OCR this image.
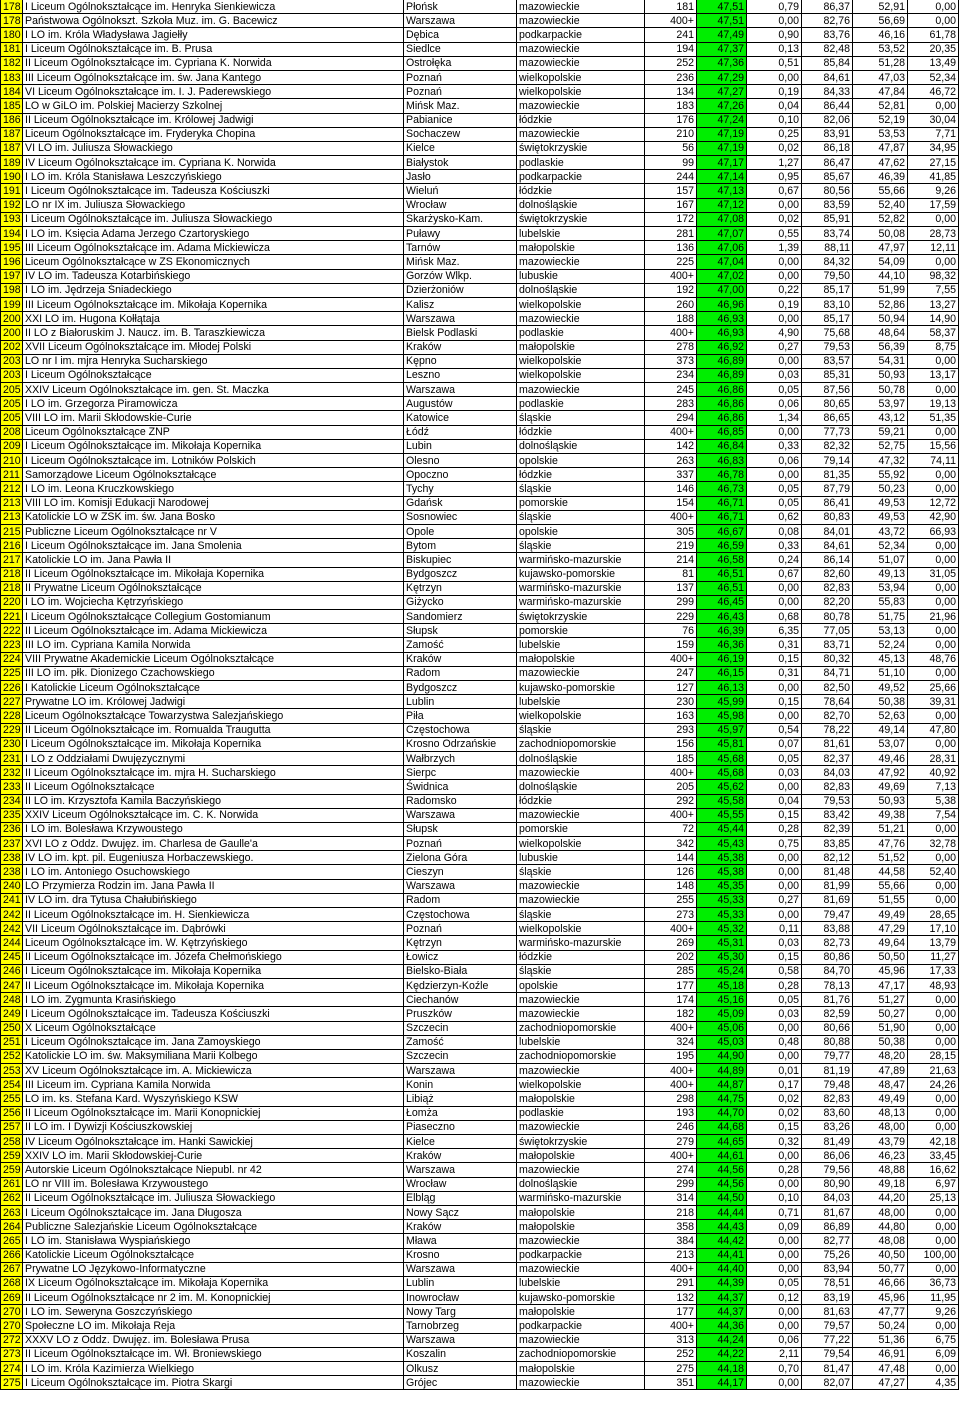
178	I Liceum Ogólnokształcące im. Henryka Sienkiewicza	Płońsk	mazowieckie	181	47,51	0,79	86,37	52,91	0,00
178	Państwowa Ogólnokszt. Szkoła Muz. im. G. Bacewicz	Warszawa	mazowieckie	400+	47,51	0,00	82,76	56,69	0,00
180	I LO im. Króla Władysława Jagiełły	Dębica	podkarpackie	241	47,49	0,90	83,76	46,16	61,78
181	I Liceum Ogólnokształcące im. B. Prusa	Siedlce	mazowieckie	194	47,37	0,13	82,48	53,52	20,35
182	II Liceum Ogólnokształcące im. Cypriana K. Norwida	Ostrołęka	mazowieckie	252	47,36	0,51	85,84	51,28	13,49
183	III Liceum Ogólnokształcące im. św. Jana Kantego	Poznań	wielkopolskie	236	47,29	0,00	84,61	47,03	52,34
184	VI Liceum Ogólnokształcące im. I. J. Paderewskiego	Poznań	wielkopolskie	134	47,27	0,19	84,33	47,84	46,72
185	LO w GiLO im. Polskiej Macierzy Szkolnej	Mińsk Maz.	mazowieckie	183	47,26	0,04	86,44	52,81	0,00
186	II Liceum Ogólnokształcące im. Królowej Jadwigi	Pabianice	łódzkie	176	47,24	0,10	82,06	52,19	30,04
187	Liceum Ogólnokształcące im. Fryderyka Chopina	Sochaczew	mazowieckie	210	47,19	0,25	83,91	53,53	7,71
187	VI LO im. Juliusza Słowackiego	Kielce	świętokrzyskie	56	47,19	0,02	86,18	47,87	34,95
189	IV Liceum Ogólnokształcące im. Cypriana K. Norwida	Białystok	podlaskie	99	47,17	1,27	86,47	47,62	27,15
190	I LO im. Króla Stanisława Leszczyńskiego	Jasło	podkarpackie	244	47,14	0,95	85,67	46,39	41,85
191	I Liceum Ogólnokształcące im. Tadeusza Kościuszki	Wieluń	łódzkie	157	47,13	0,67	80,56	55,66	9,26
192	LO nr IX im. Juliusza Słowackiego	Wrocław	dolnośląskie	167	47,12	0,00	83,59	52,40	17,59
193	I Liceum Ogólnokształcące im. Juliusza Słowackiego	Skarżysko-Kam.	świętokrzyskie	172	47,08	0,02	85,91	52,82	0,00
194	I LO im. Księcia Adama Jerzego Czartoryskiego	Puławy	lubelskie	281	47,07	0,55	83,74	50,08	28,73
195	III Liceum Ogólnokształcące im. Adama Mickiewicza	Tarnów	małopolskie	136	47,06	1,39	88,11	47,97	12,11
196	Liceum Ogólnokształcące w ZS Ekonomicznych	Mińsk Maz.	mazowieckie	225	47,04	0,00	84,32	54,09	0,00
197	IV LO im. Tadeusza Kotarbińskiego	Gorzów Wlkp.	lubuskie	400+	47,02	0,00	79,50	44,10	98,32
198	I LO im. Jędrzeja Śniadeckiego	Dzierżoniów	dolnośląskie	192	47,00	0,22	85,17	51,99	7,55
199	III Liceum Ogólnokształcące im. Mikołaja Kopernika	Kalisz	wielkopolskie	260	46,96	0,19	83,10	52,86	13,27
200	XXI LO im. Hugona Kołłątaja	Warszawa	mazowieckie	188	46,93	0,00	85,17	50,94	14,90
200	II LO z Białoruskim J. Naucz. im. B. Taraszkiewicza	Bielsk Podlaski	podlaskie	400+	46,93	4,90	75,68	48,64	58,37
202	XVII Liceum Ogólnokształcące im. Młodej Polski	Kraków	małopolskie	278	46,92	0,27	79,53	56,39	8,75
203	LO nr I im. mjra Henryka Sucharskiego	Kępno	wielkopolskie	373	46,89	0,00	83,57	54,31	0,00
203	I Liceum Ogólnokształcące	Leszno	wielkopolskie	234	46,89	0,03	85,31	50,93	13,17
205	XXIV Liceum Ogólnokształcące im. gen. St. Maczka	Warszawa	mazowieckie	245	46,86	0,05	87,56	50,78	0,00
205	I LO im. Grzegorza Piramowicza	Augustów	podlaskie	283	46,86	0,06	80,65	53,97	19,13
205	VIII LO im. Marii Skłodowskie-Curie	Katowice	śląskie	294	46,86	1,34	86,65	43,12	51,35
208	Liceum Ogólnokształcące ZNP	Łódź	łódzkie	400+	46,85	0,00	77,73	59,21	0,00
209	I Liceum Ogólnokształcące im. Mikołaja Kopernika	Lubin	dolnośląskie	142	46,84	0,33	82,32	52,75	15,56
210	I Liceum Ogólnokształcące im. Lotników Polskich	Olesno	opolskie	263	46,83	0,06	79,14	47,32	74,11
211	Samorządowe Liceum Ogólnokształcące	Opoczno	łódzkie	337	46,78	0,00	81,35	55,92	0,00
212	I LO im. Leona Kruczkowskiego	Tychy	śląskie	146	46,73	0,05	87,79	50,23	0,00
213	VIII LO im. Komisji Edukacji Narodowej	Gdańsk	pomorskie	154	46,71	0,05	86,41	49,53	12,72
213	Katolickie LO w ZSK im. św. Jana Bosko	Sosnowiec	śląskie	400+	46,71	0,62	80,83	49,53	42,90
215	Publiczne Liceum Ogólnokształcące nr V	Opole	opolskie	305	46,67	0,08	84,01	43,72	66,93
216	I Liceum Ogólnokształcące im. Jana Smolenia	Bytom	śląskie	219	46,59	0,33	84,61	52,34	0,00
217	Katolickie LO im. Jana Pawła II	Biskupiec	warmińsko-mazurskie	214	46,58	0,24	86,14	51,07	0,00
218	II Liceum Ogólnokształcące im. Mikołaja Kopernika	Bydgoszcz	kujawsko-pomorskie	81	46,51	0,67	82,60	49,13	31,05
218	II Prywatne Liceum Ogólnokształcące	Kętrzyn	warmińsko-mazurskie	137	46,51	0,00	82,83	53,94	0,00
220	I LO im. Wojciecha Kętrzyńskiego	Giżycko	warmińsko-mazurskie	299	46,45	0,00	82,20	55,83	0,00
221	I Liceum Ogólnokształcące Collegium Gostomianum	Sandomierz	świętokrzyskie	229	46,43	0,68	80,78	51,75	21,96
222	II Liceum Ogólnokształcące im. Adama Mickiewicza	Słupsk	pomorskie	76	46,39	6,35	77,05	53,13	0,00
223	III LO im. Cypriana Kamila Norwida	Zamość	lubelskie	159	46,36	0,31	83,71	52,24	0,00
224	VIII Prywatne Akademickie Liceum Ogólnokształcące	Kraków	małopolskie	400+	46,19	0,15	80,32	45,13	48,76
225	III LO im. płk. Dionizego Czachowskiego	Radom	mazowieckie	247	46,15	0,31	84,71	51,10	0,00
226	I Katolickie Liceum Ogólnokształcące	Bydgoszcz	kujawsko-pomorskie	127	46,13	0,00	82,50	49,52	25,66
227	Prywatne LO im. Królowej Jadwigi	Lublin	lubelskie	230	45,99	0,15	78,64	50,38	39,31
228	Liceum Ogólnokształcące Towarzystwa Salezjańskiego	Piła	wielkopolskie	163	45,98	0,00	82,70	52,63	0,00
229	II Liceum Ogólnokształcące im. Romualda Traugutta	Częstochowa	śląskie	293	45,97	0,54	78,22	49,14	47,80
230	I Liceum Ogólnokształcące im. Mikołaja Kopernika	Krosno Odrzańskie	zachodniopomorskie	156	45,81	0,07	81,61	53,07	0,00
231	I LO z Oddziałami Dwujęzycznymi	Wałbrzych	dolnośląskie	185	45,68	0,05	82,37	49,46	28,31
232	II Liceum Ogólnokształcące im. mjra H. Sucharskiego	Sierpc	mazowieckie	400+	45,68	0,03	84,03	47,92	40,92
233	II Liceum Ogólnokształcące	Świdnica	dolnośląskie	205	45,62	0,00	82,83	49,69	7,13
234	II LO im. Krzysztofa Kamila Baczyńskiego	Radomsko	łódzkie	292	45,58	0,04	79,53	50,93	5,38
235	XXIV Liceum Ogólnokształcące im. C. K. Norwida	Warszawa	mazowieckie	400+	45,55	0,15	83,42	49,38	7,54
236	I LO im. Bolesława Krzywoustego	Słupsk	pomorskie	72	45,44	0,28	82,39	51,21	0,00
237	XVI LO z Oddz. Dwujęz. im. Charlesa de Gaulle'a	Poznań	wielkopolskie	342	45,43	0,75	83,85	47,76	32,78
238	IV LO im. kpt. pil. Eugeniusza Horbaczewskiego.	Zielona Góra	lubuskie	144	45,38	0,00	82,12	51,52	0,00
238	I LO im. Antoniego Osuchowskiego	Cieszyn	śląskie	126	45,38	0,00	81,48	44,58	52,40
240	LO Przymierza Rodzin im. Jana Pawła II	Warszawa	mazowieckie	148	45,35	0,00	81,99	55,66	0,00
241	IV LO im. dra Tytusa Chałubińskiego	Radom	mazowieckie	255	45,33	0,27	81,69	51,55	0,00
242	II Liceum Ogólnokształcące im. H. Sienkiewicza	Częstochowa	śląskie	273	45,33	0,00	79,47	49,49	28,65
242	VII Liceum Ogólnokształcące im. Dąbrówki	Poznań	wielkopolskie	400+	45,32	0,11	83,88	47,29	17,10
244	Liceum Ogólnokształcące im. W. Kętrzyńskiego	Kętrzyn	warmińsko-mazurskie	269	45,31	0,03	82,73	49,64	13,79
245	II Liceum Ogólnokształcące im. Józefa Chełmońskiego	Łowicz	łódzkie	202	45,30	0,15	80,86	50,50	11,27
246	I Liceum Ogólnokształcące im. Mikołaja Kopernika	Bielsko-Biała	śląskie	285	45,24	0,58	84,70	45,96	17,33
247	II Liceum Ogólnokształcące im. Mikołaja Kopernika	Kędzierzyn-Koźle	opolskie	177	45,18	0,28	78,13	47,17	48,93
248	I LO im. Zygmunta Krasińskiego	Ciechanów	mazowieckie	174	45,16	0,05	81,76	51,27	0,00
249	I Liceum Ogólnokształcące im. Tadeusza Kościuszki	Pruszków	mazowieckie	182	45,09	0,03	82,59	50,27	0,00
250	X Liceum Ogólnokształcące	Szczecin	zachodniopomorskie	400+	45,06	0,00	80,66	51,90	0,00
251	I Liceum Ogólnokształcące im. Jana Zamoyskiego	Zamość	lubelskie	324	45,03	0,48	80,88	50,38	0,00
252	Katolickie LO im. św. Maksymiliana Marii Kolbego	Szczecin	zachodniopomorskie	195	44,90	0,00	79,77	48,20	28,15
253	XV Liceum Ogólnokształcące im. A. Mickiewicza	Warszawa	mazowieckie	400+	44,89	0,01	81,19	47,89	21,63
254	III Liceum im. Cypriana Kamila Norwida	Konin	wielkopolskie	400+	44,87	0,17	79,48	48,47	24,26
255	LO im. ks. Stefana Kard. Wyszyńskiego KSW	Libiąż	małopolskie	298	44,75	0,02	82,83	49,49	0,00
256	II Liceum Ogólnokształcące im. Marii Konopnickiej	Łomża	podlaskie	193	44,70	0,02	83,60	48,13	0,00
257	II LO im. I Dywizji Kościuszkowskiej	Piaseczno	mazowieckie	246	44,68	0,15	83,26	48,00	0,00
258	IV Liceum Ogólnokształcące im. Hanki Sawickiej	Kielce	świętokrzyskie	279	44,65	0,32	81,49	43,79	42,18
259	XXIV LO im. Marii Skłodowskiej-Curie	Kraków	małopolskie	400+	44,61	0,00	86,06	46,23	33,45
259	Autorskie Liceum Ogólnokształcące Niepubl. nr 42	Warszawa	mazowieckie	274	44,56	0,28	79,56	48,88	16,62
261	LO nr VIII im. Bolesława Krzywoustego	Wrocław	dolnośląskie	299	44,56	0,00	80,90	49,18	6,97
262	II Liceum Ogólnokształcące im. Juliusza Słowackiego	Elbląg	warmińsko-mazurskie	314	44,50	0,10	84,03	44,20	25,13
263	I Liceum Ogólnokształcące im. Jana Długosza	Nowy Sącz	małopolskie	218	44,44	0,71	81,67	48,00	0,00
264	Publiczne Salezjańskie Liceum Ogólnokształcące	Kraków	małopolskie	358	44,43	0,09	86,89	44,80	0,00
265	I LO im. Stanisława Wyspiańskiego	Mława	mazowieckie	384	44,42	0,00	82,77	48,08	0,00
266	Katolickie Liceum Ogólnokształcące	Krosno	podkarpackie	213	44,41	0,00	75,26	40,50	100,00
267	Prywatne LO Językowo-Informatyczne	Warszawa	mazowieckie	400+	44,40	0,00	83,94	50,77	0,00
268	IX Liceum Ogólnokształcące im. Mikołaja Kopernika	Lublin	lubelskie	291	44,39	0,05	78,51	46,66	36,73
269	II Liceum Ogólnokształcące nr 2 im. M. Konopnickiej	Inowrocław	kujawsko-pomorskie	132	44,37	0,12	83,19	45,96	11,95
270	I LO im. Seweryna Goszczyńskiego	Nowy Targ	małopolskie	177	44,37	0,00	81,63	47,77	9,26
270	Społeczne LO im. Mikołaja Reja	Tarnobrzeg	podkarpackie	400+	44,36	0,00	79,57	50,24	0,00
272	XXXV LO z Oddz. Dwujęz. im. Bolesława Prusa	Warszawa	mazowieckie	313	44,24	0,06	77,22	51,36	6,75
273	II Liceum Ogólnokształcące im. Wł. Broniewskiego	Koszalin	zachodniopomorskie	252	44,22	2,11	79,54	46,91	6,09
274	I LO im. Króla Kazimierza Wielkiego	Olkusz	małopolskie	275	44,18	0,70	81,47	47,48	0,00
275	I Liceum Ogólnokształcące im. Piotra Skargi	Grójec	mazowieckie	351	44,17	0,00	82,07	47,27	4,35
